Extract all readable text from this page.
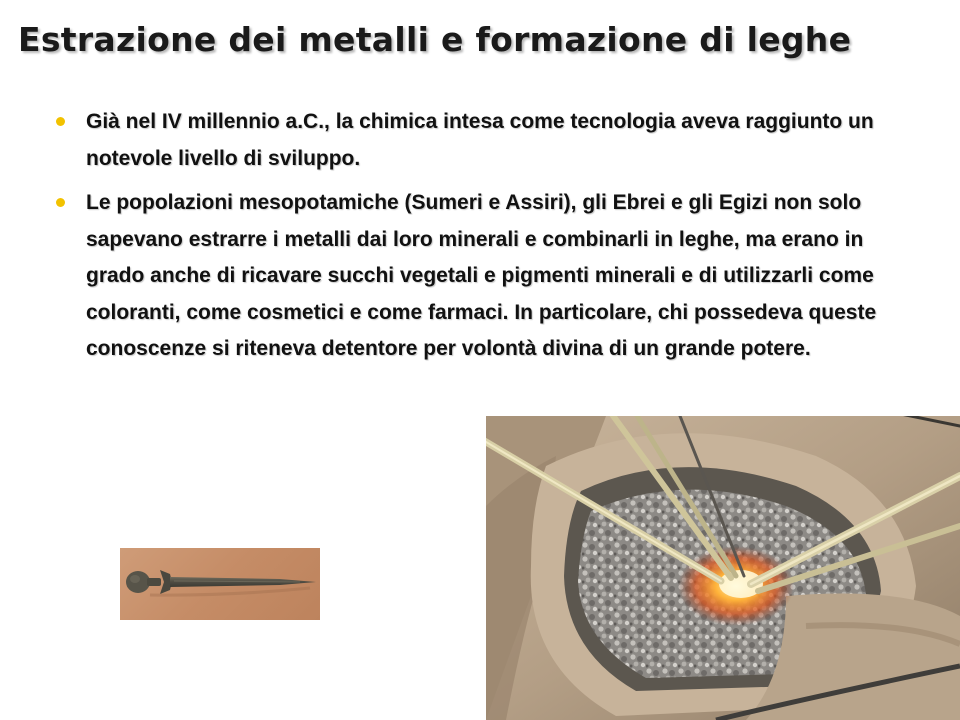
Estrazione dei metalli e formazione di leghe
Già nel IV millennio a.C., la chimica intesa come tecnologia aveva raggiunto un notevole livello di sviluppo.
Le popolazioni mesopotamiche (Sumeri e Assiri), gli Ebrei e gli Egizi non solo sapevano estrarre i metalli dai loro minerali e combinarli in leghe, ma erano in grado anche di ricavare succhi vegetali e pigmenti minerali e di utilizzarli come coloranti, come cosmetici e come farmaci. In particolare, chi possedeva queste conoscenze si riteneva detentore per volontà divina di un grande potere.
